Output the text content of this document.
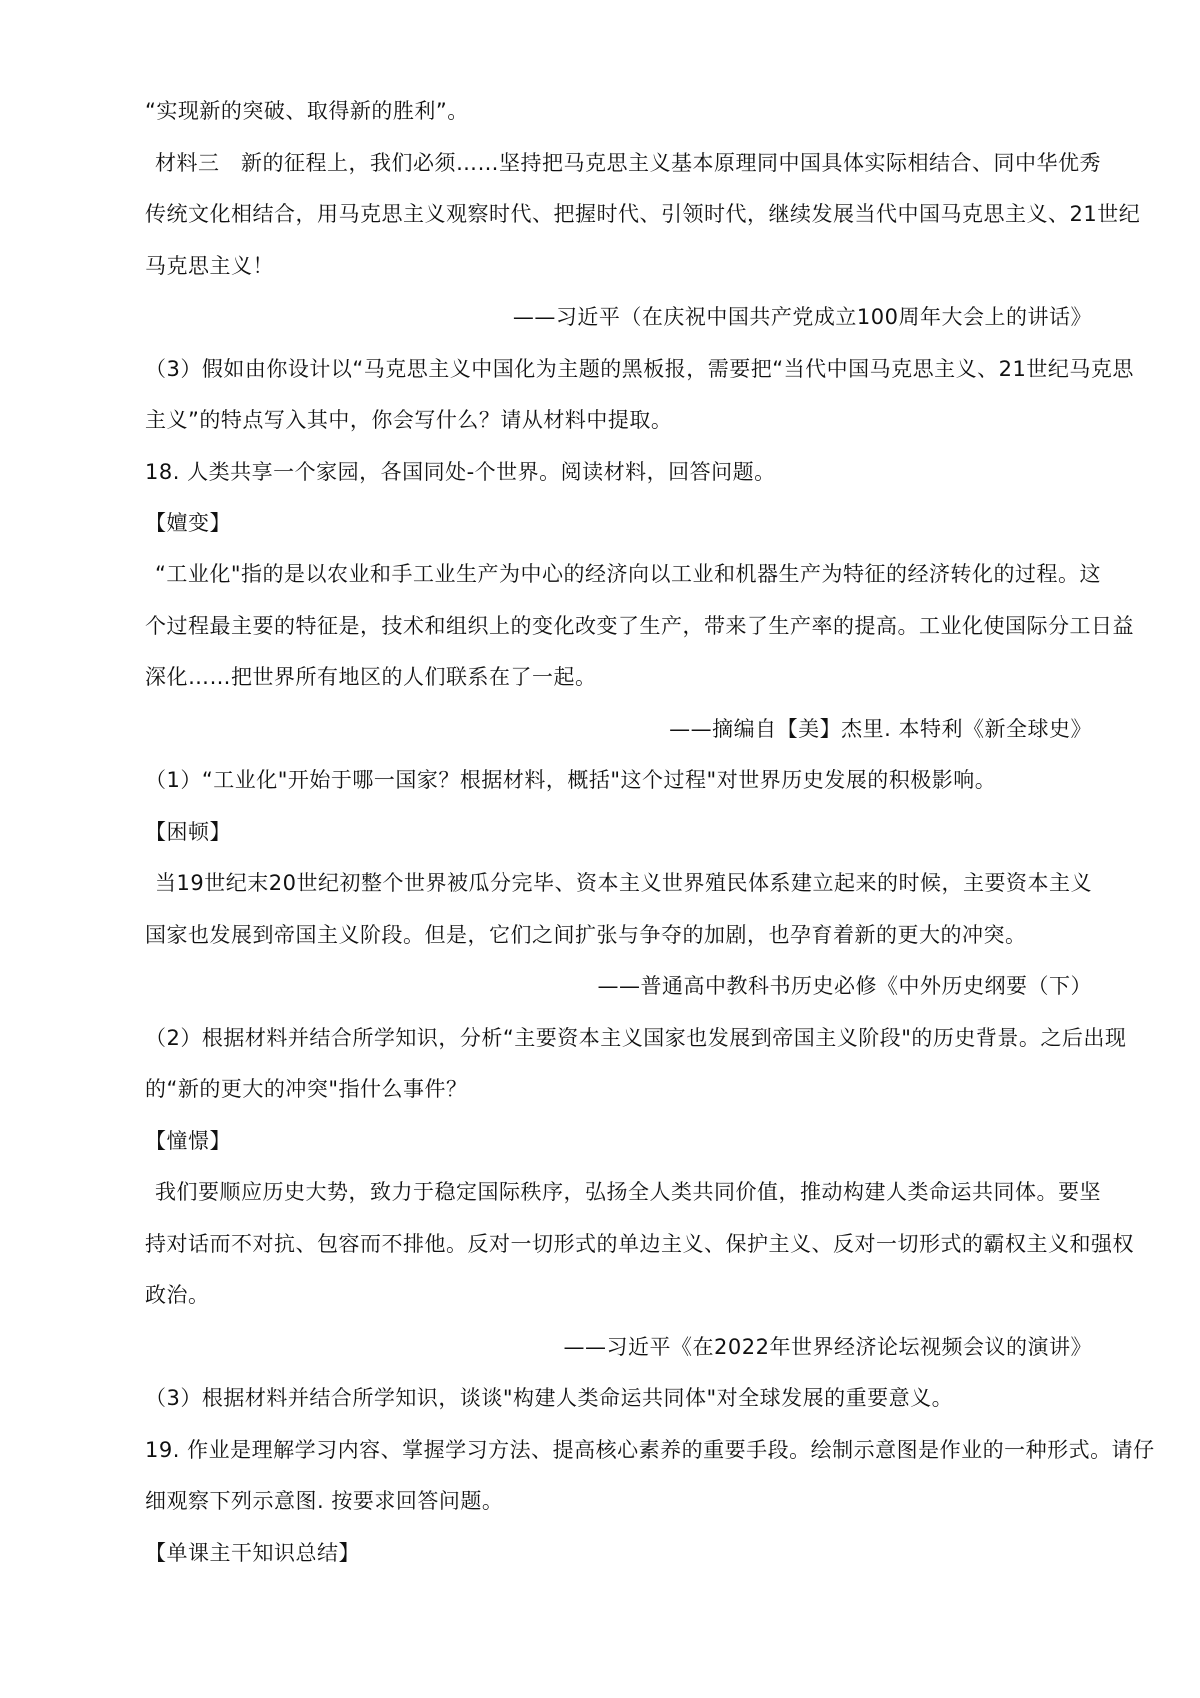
“实现新的突破、取得新的胜利”。
材料三　新的征程上，我们必须……坚持把马克思主义基本原理同中国具体实际相结合、同中华优秀
传统文化相结合，用马克思主义观察时代、把握时代、引领时代，继续发展当代中国马克思主义、21世纪
马克思主义！
——习近平（在庆祝中国共产党成立100周年大会上的讲话》
（3）假如由你设计以“马克思主义中国化为主题的黑板报，需要把“当代中国马克思主义、21世纪马克思
主义”的特点写入其中，你会写什么？请从材料中提取。
18. 人类共享一个家园，各国同处-个世界。阅读材料，回答问题。
【嬗变】
“工业化"指的是以农业和手工业生产为中心的经济向以工业和机器生产为特征的经济转化的过程。这
个过程最主要的特征是，技术和组织上的变化改变了生产，带来了生产率的提高。工业化使国际分工日益
深化……把世界所有地区的人们联系在了一起。
——摘编自【美】杰里. 本特利《新全球史》
（1）“工业化"开始于哪一国家？根据材料，概括"这个过程"对世界历史发展的积极影响。
【困顿】
当19世纪末20世纪初整个世界被瓜分完毕、资本主义世界殖民体系建立起来的时候，主要资本主义
国家也发展到帝国主义阶段。但是，它们之间扩张与争夺的加剧，也孕育着新的更大的冲突。
——普通高中教科书历史必修《中外历史纲要（下）
（2）根据材料并结合所学知识，分析“主要资本主义国家也发展到帝国主义阶段"的历史背景。之后出现
的“新的更大的冲突"指什么事件？
【憧憬】
我们要顺应历史大势，致力于稳定国际秩序，弘扬全人类共同价值，推动构建人类命运共同体。要坚
持对话而不对抗、包容而不排他。反对一切形式的单边主义、保护主义、反对一切形式的霸权主义和强权
政治。
——习近平《在2022年世界经济论坛视频会议的演讲》
（3）根据材料并结合所学知识，谈谈"构建人类命运共同体"对全球发展的重要意义。
19. 作业是理解学习内容、掌握学习方法、提高核心素养的重要手段。绘制示意图是作业的一种形式。请仔
细观察下列示意图. 按要求回答问题。
【单课主干知识总结】
